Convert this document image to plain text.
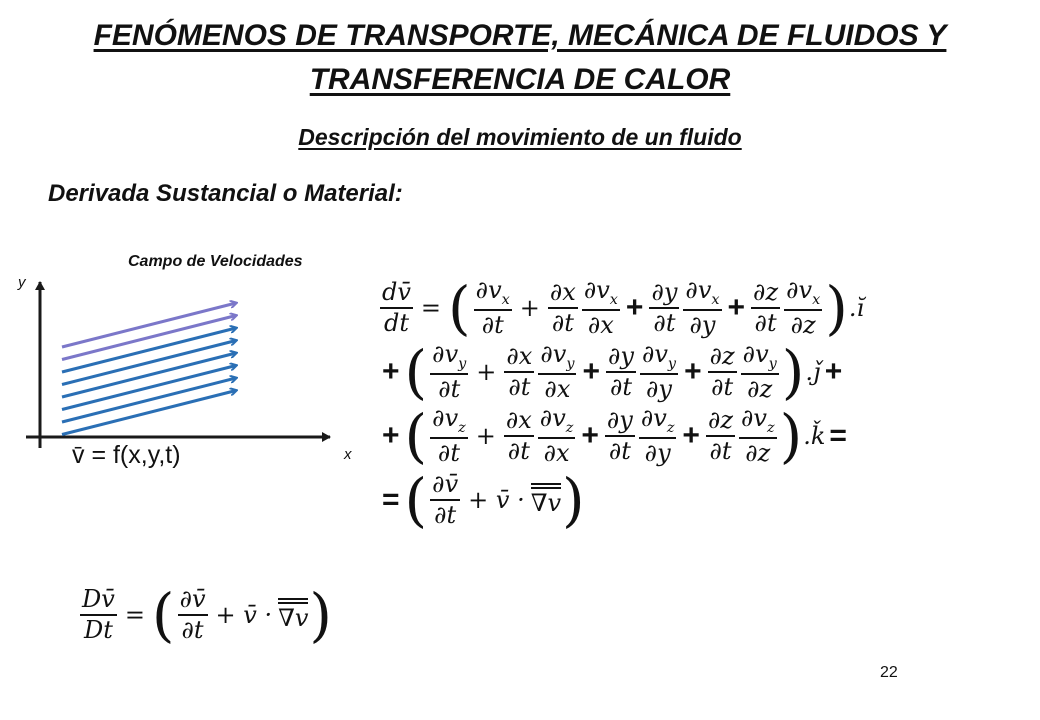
FENÓMENOS DE TRANSPORTE, MECÁNICA DE FLUIDOS Y
TRANSFERENCIA DE CALOR
Descripción del movimiento de un fluido
Derivada Sustancial o Material:
Campo de Velocidades
y
x
v̄ = f(x,y,t)
$\frac{dv̄}{dt}$ = ( $\frac{\partial v_x}{\partial t} + \frac{\partial x}{\partial t} \frac{\partial v_x}{\partial x} + \frac{\partial y}{\partial t} \frac{\partial v_x}{\partial y} + \frac{\partial z}{\partial t} \frac{\partial v_x}{\partial z}$ ) .ĭ
+ ( $\frac{\partial v_y}{\partial t} + \frac{\partial x}{\partial t} \frac{\partial v_y}{\partial x} + \frac{\partial y}{\partial t} \frac{\partial v_y}{\partial y} + \frac{\partial z}{\partial t} \frac{\partial v_y}{\partial z}$ ) .ǰ +
+ ( $\frac{\partial v_z}{\partial t} + \frac{\partial x}{\partial t} \frac{\partial v_z}{\partial x} + \frac{\partial y}{\partial t} \frac{\partial v_z}{\partial y} + \frac{\partial z}{\partial t} \frac{\partial v_z}{\partial z}$ ) .ǩ =
= ( $\frac{\partial v̄}{\partial t}$ + v̄ · ∇v )
$\frac{Dv̄}{Dt}$ = ( $\frac{\partial v̄}{\partial t}$ + v̄ · ∇v )
22
